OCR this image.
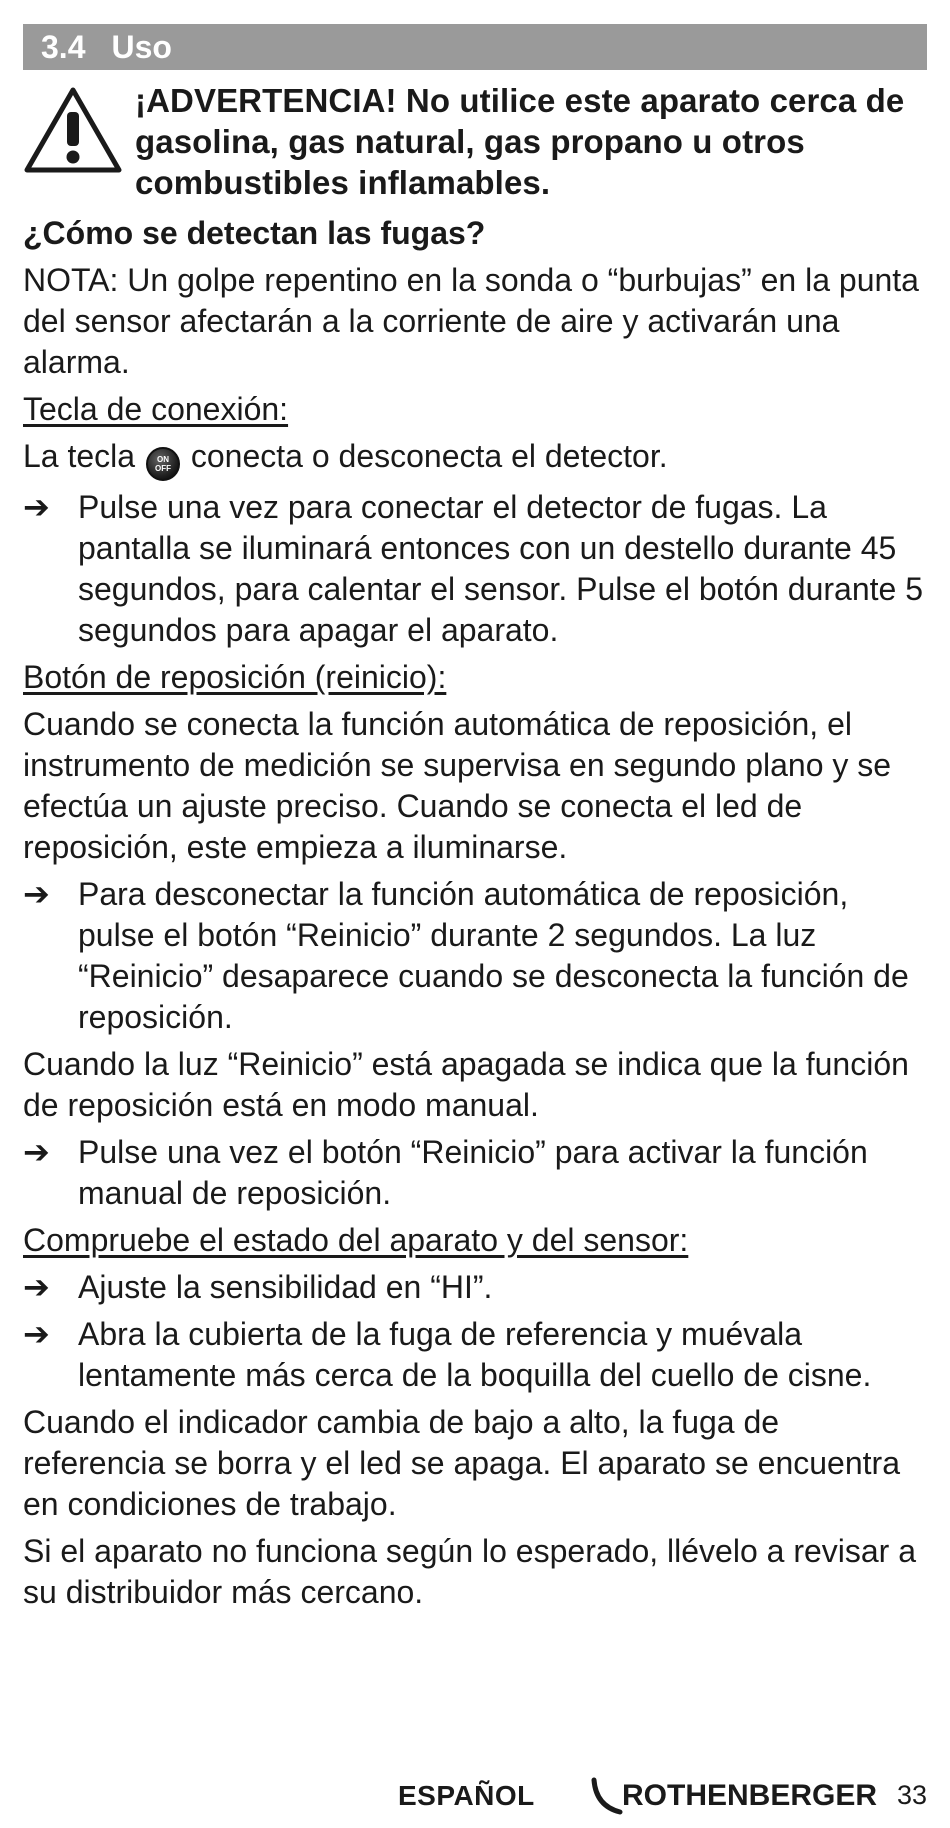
3.4 Uso
¡ADVERTENCIA! No utilice este aparato cerca de gasolina, gas natural, gas propano u otros combustibles inflamables.

¿Cómo se detectan las fugas?

NOTA: Un golpe repentino en la sonda o “burbujas” en la punta del sensor afectarán a la corriente de aire y activarán una alarma.

Tecla de conexión:

La tecla	ON
OFF conecta o desconecta el detector.

➔ Pulse una vez para conectar el detector de fugas. La pantalla se iluminará entonces con un destello durante 45 segundos, para calentar el sensor. Pulse el botón durante 5 segundos para apagar el aparato.

Botón de reposición (reinicio):

Cuando se conecta la función automática de reposición, el instrumento de medición se supervisa en segundo plano y se efectúa un ajuste preciso. Cuando se conecta el led de reposición, este empieza a iluminarse.

➔ Para desconectar la función automática de reposición, pulse el botón “Reinicio” durante 2 segundos. La luz “Reinicio” desaparece cuando se desconecta la función de reposición.

Cuando la luz “Reinicio” está apagada se indica que la función de reposición está en modo manual.

➔ Pulse una vez el botón “Reinicio” para activar la función manual de reposición.

Compruebe el estado del aparato y del sensor:

➔ Ajuste la sensibilidad en “HI”.
➔ Abra la cubierta de la fuga de referencia y muévala lentamente más cerca de la boquilla del cuello de cisne.

Cuando el indicador cambia de bajo a alto, la fuga de referencia se borra y el led se apaga. El aparato se encuentra en condiciones de trabajo.

Si el aparato no funciona según lo esperado, llévelo a revisar a su distribuidor más cercano.

ESPAÑOL	ROTHENBERGER 33
